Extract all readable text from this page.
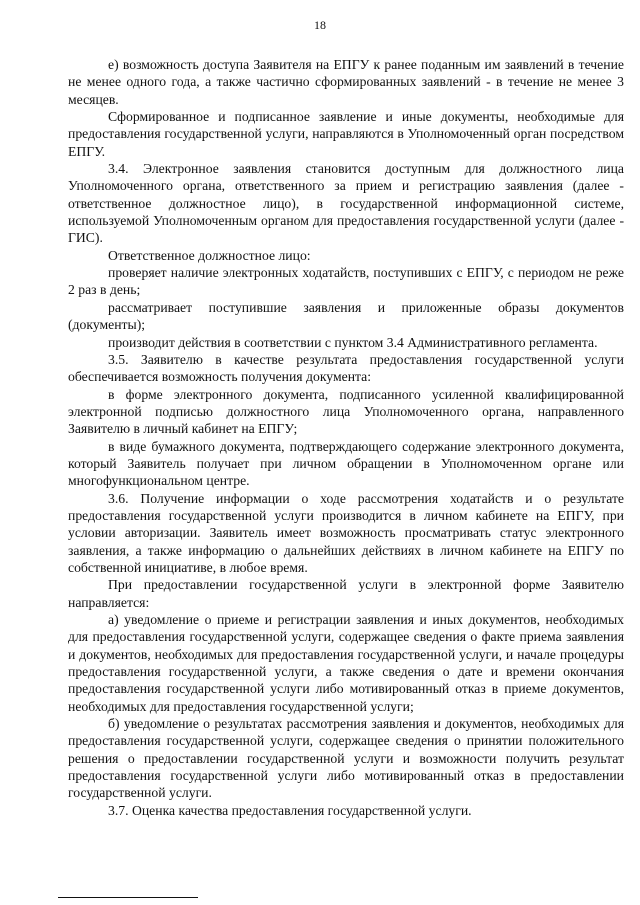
18

е) возможность доступа Заявителя на ЕПГУ к ранее поданным им заявлений в течение не менее одного года, а также частично сформированных заявлений - в течение не менее 3 месяцев.

Сформированное и подписанное заявление и иные документы, необходимые для предоставления государственной услуги, направляются в Уполномоченный орган посредством ЕПГУ.

3.4. Электронное заявления становится доступным для должностного лица Уполномоченного органа, ответственного за прием и регистрацию заявления (далее - ответственное должностное лицо), в государственной информационной системе, используемой Уполномоченным органом для предоставления государственной услуги (далее - ГИС).

Ответственное должностное лицо:

проверяет наличие электронных ходатайств, поступивших с ЕПГУ, с периодом не реже 2 раз в день;

рассматривает поступившие заявления и приложенные образы документов (документы);

производит действия в соответствии с пунктом 3.4 Административного регламента.

3.5. Заявителю в качестве результата предоставления государственной услуги обеспечивается возможность получения документа:

в форме электронного документа, подписанного усиленной квалифицированной электронной подписью должностного лица Уполномоченного органа, направленного Заявителю в личный кабинет на ЕПГУ;

в виде бумажного документа, подтверждающего содержание электронного документа, который Заявитель получает при личном обращении в Уполномоченном органе или многофункциональном центре.

3.6. Получение информации о ходе рассмотрения ходатайств и о результате предоставления государственной услуги производится в личном кабинете на ЕПГУ, при условии авторизации. Заявитель имеет возможность просматривать статус электронного заявления, а также информацию о дальнейших действиях в личном кабинете на ЕПГУ по собственной инициативе, в любое время.

При предоставлении государственной услуги в электронной форме Заявителю направляется:

а) уведомление о приеме и регистрации заявления и иных документов, необходимых для предоставления государственной услуги, содержащее сведения о факте приема заявления и документов, необходимых для предоставления государственной услуги, и начале процедуры предоставления государственной услуги, а также сведения о дате и времени окончания предоставления государственной услуги либо мотивированный отказ в приеме документов, необходимых для предоставления государственной услуги;

б) уведомление о результатах рассмотрения заявления и документов, необходимых для предоставления государственной услуги, содержащее сведения о принятии положительного решения о предоставлении государственной услуги и возможности получить результат предоставления государственной услуги либо мотивированный отказ в предоставлении государственной услуги.

3.7. Оценка качества предоставления государственной услуги.
